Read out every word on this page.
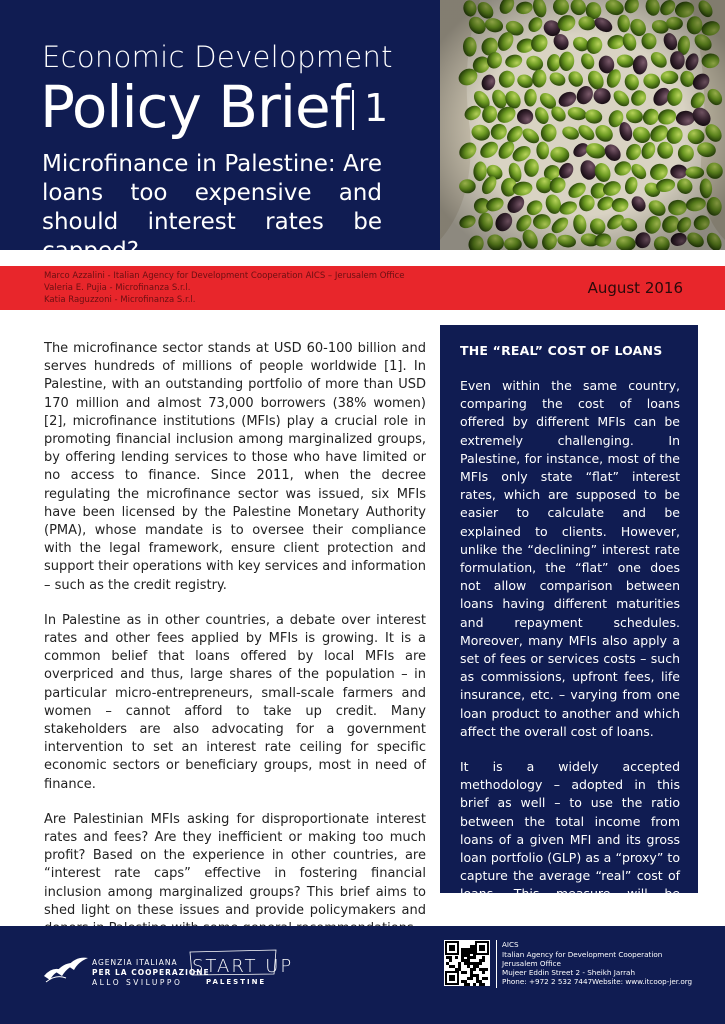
Economic Development
Policy Brief 1
Microfinance in Palestine: Are loans too expensive and should interest rates be capped?
Marco Azzalini - Italian Agency for Development Cooperation AICS – Jerusalem Office
Valeria E. Pujia - Microfinanza S.r.l.
Katia Raguzzoni - Microfinanza S.r.l.
August 2016

The microfinance sector stands at USD 60-100 billion and serves hundreds of millions of people worldwide [1]. In Palestine, with an outstanding portfolio of more than USD 170 million and almost 73,000 borrowers (38% women) [2], microfinance institutions (MFIs) play a crucial role in promoting financial inclusion among marginalized groups, by offering lending services to those who have limited or no access to finance. Since 2011, when the decree regulating the microfinance sector was issued, six MFIs have been licensed by the Palestine Monetary Authority (PMA), whose mandate is to oversee their compliance with the legal framework, ensure client protection and support their operations with key services and information – such as the credit registry.

In Palestine as in other countries, a debate over interest rates and other fees applied by MFIs is growing. It is a common belief that loans offered by local MFIs are overpriced and thus, large shares of the population – in particular micro-entrepreneurs, small-scale farmers and women – cannot afford to take up credit. Many stakeholders are also advocating for a government intervention to set an interest rate ceiling for specific economic sectors or beneficiary groups, most in need of finance.

Are Palestinian MFIs asking for disproportionate interest rates and fees? Are they inefficient or making too much profit? Based on the experience in other countries, are “interest rate caps” effective in fostering financial inclusion among marginalized groups? This brief aims to shed light on these issues and provide policymakers and

THE “REAL” COST OF LOANS

Even within the same country, comparing the cost of loans offered by different MFIs can be extremely challenging. In Palestine, for instance, most of the MFIs only state “flat” interest rates, which are supposed to be easier to calculate and be explained to clients. However, unlike the “declining” interest rate formulation, the “flat” one does not allow comparison between loans having different maturities and repayment schedules. Moreover, many MFIs also apply a set of fees or services costs – such as commissions, upfront fees, life insurance, etc. – varying from one loan product to another and which affect the overall cost of loans.

It is a widely accepted methodology – adopted in this brief as well – to use the ratio between the total income from loans of a given MFI and its gross loan portfolio (GLP) as a “proxy” to capture the average “real” cost of loans. This measure will be hereafter referred to as “interest

AGENZIA ITALIANA
PER LA COOPERAZIONE
ALLO SVILUPPO
START UP
PALESTINE
AICS
Italian Agency for Development Cooperation
Jerusalem Office
Mujeer Eddin Street 2 - Sheikh Jarrah
Phone: +972 2 532 7447 Website: www.itcoop-jer.org
